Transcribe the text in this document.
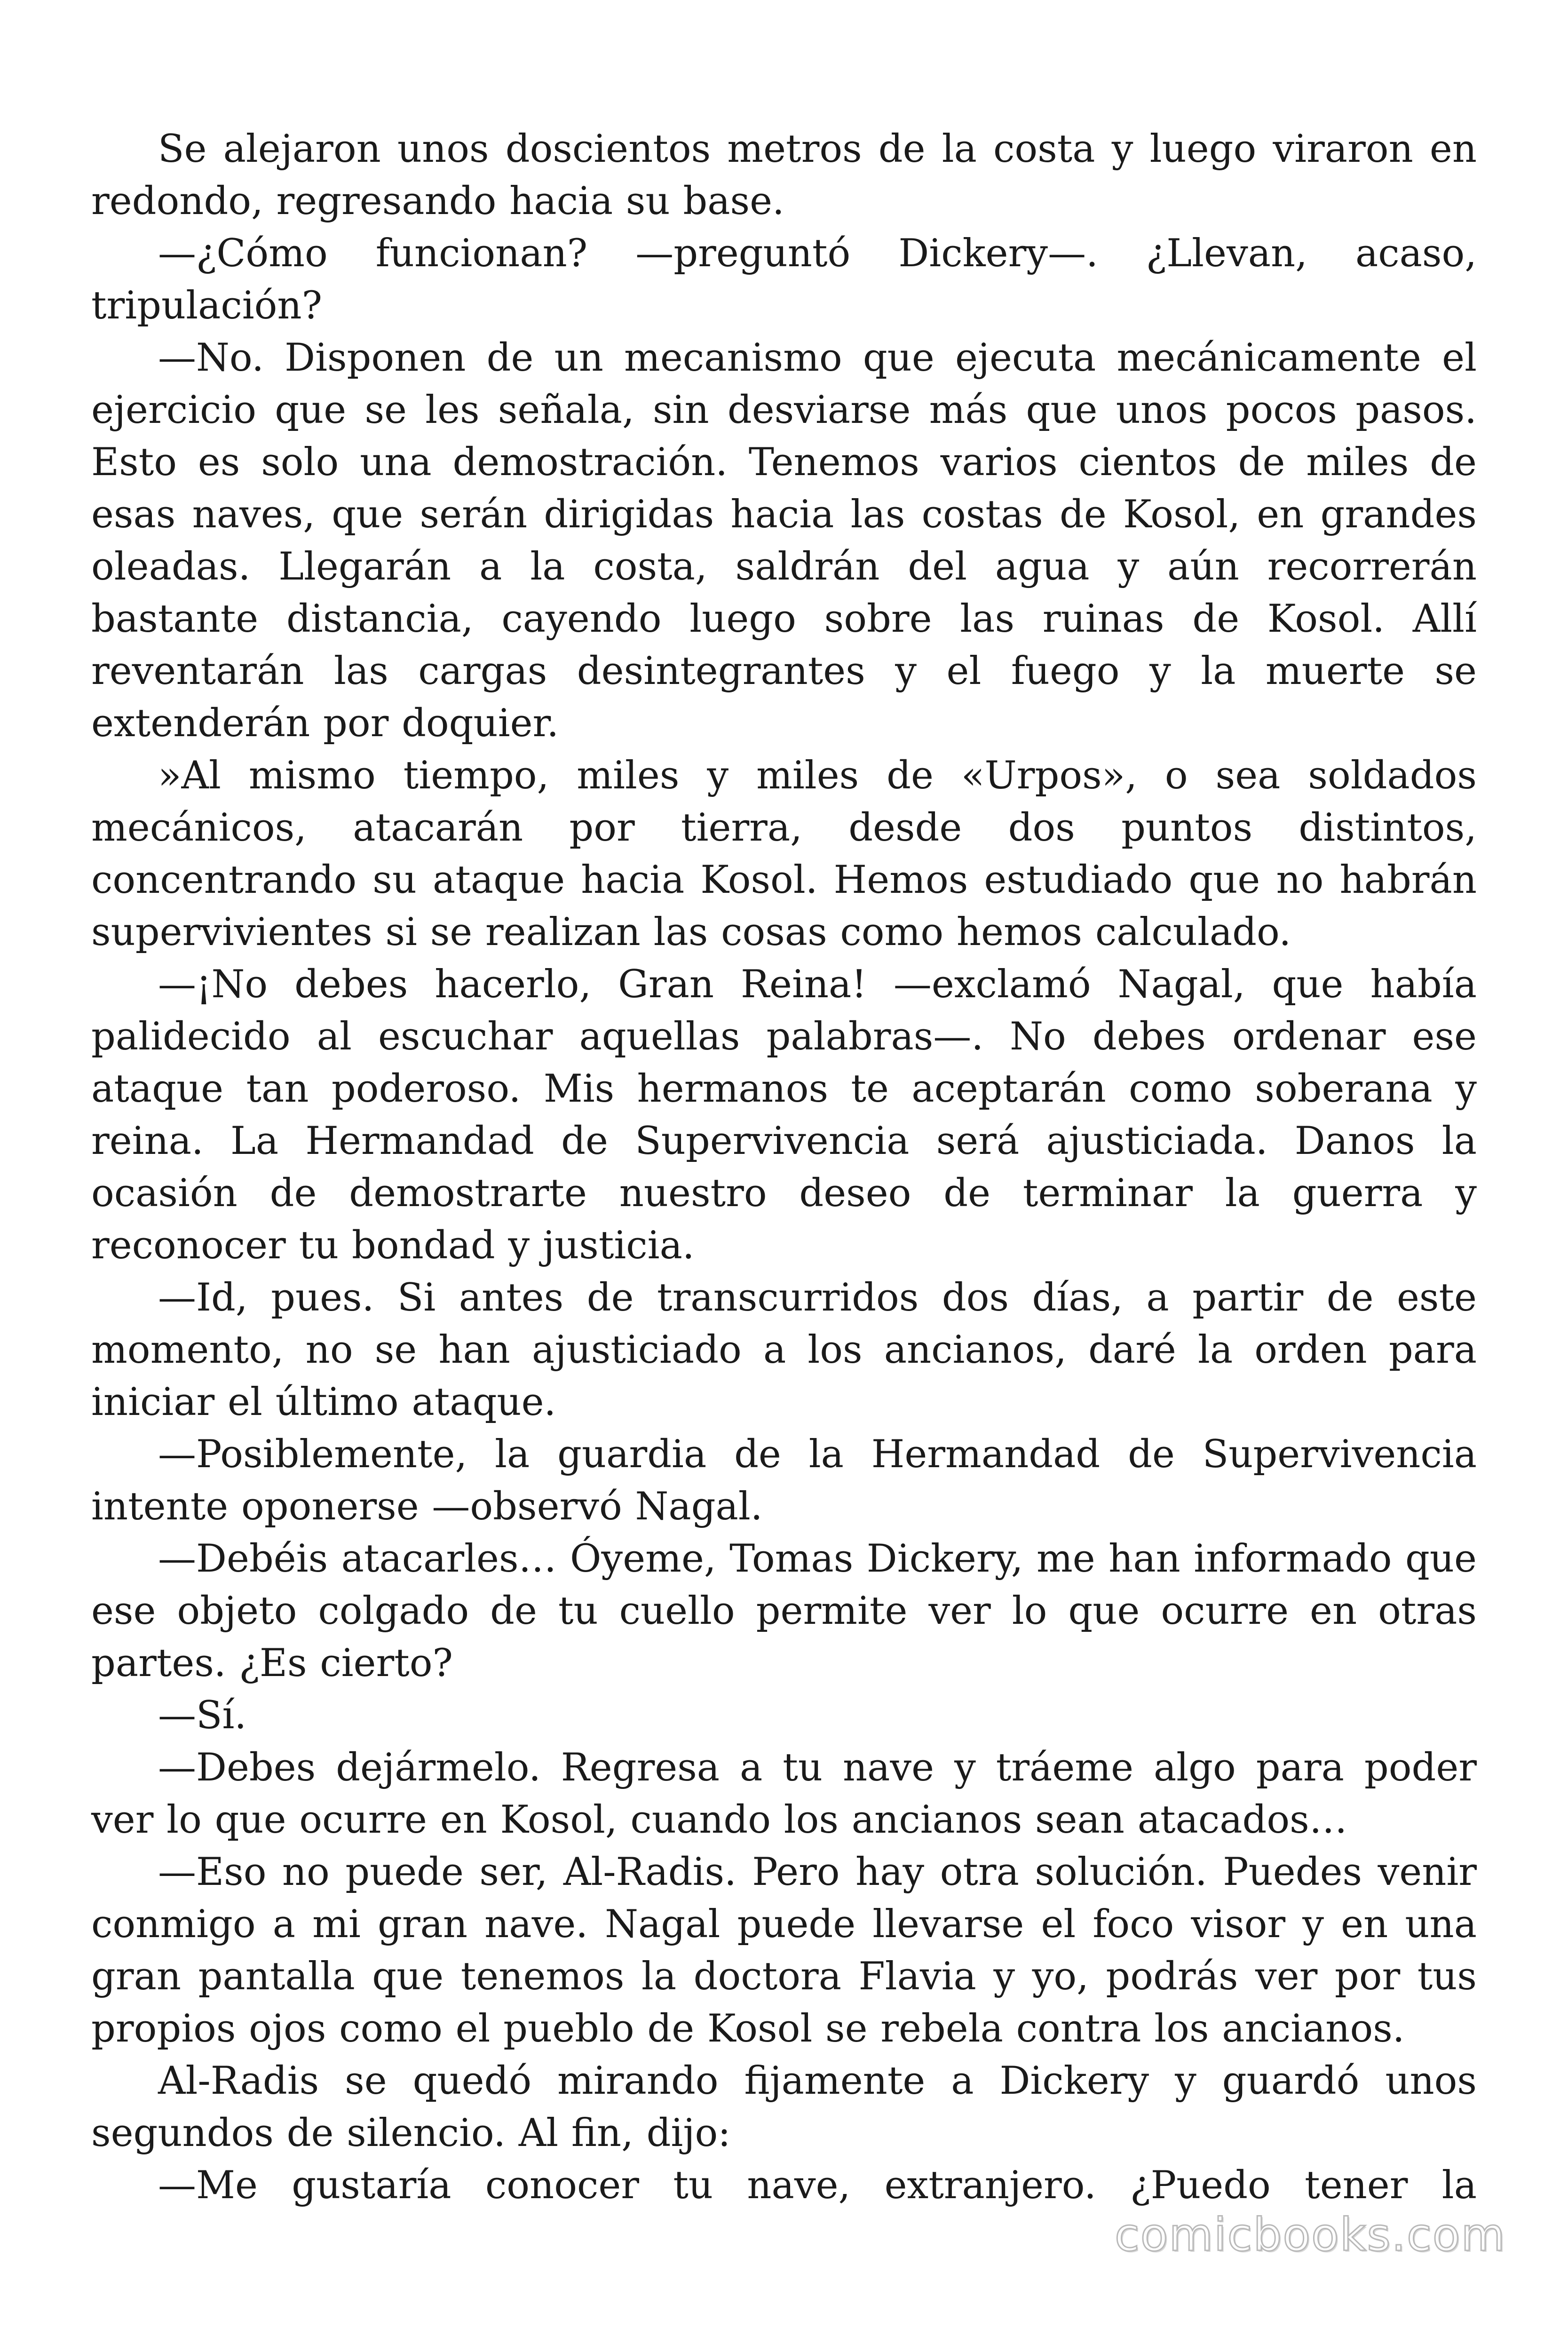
Se alejaron unos doscientos metros de la costa y luego viraron en redondo, regresando hacia su base.

—¿Cómo funcionan? —preguntó Dickery—. ¿Llevan, acaso, tripulación?

—No. Disponen de un mecanismo que ejecuta mecánicamente el ejercicio que se les señala, sin desviarse más que unos pocos pasos. Esto es solo una demostración. Tenemos varios cientos de miles de esas naves, que serán dirigidas hacia las costas de Kosol, en grandes oleadas. Llegarán a la costa, saldrán del agua y aún recorrerán bastante distancia, cayendo luego sobre las ruinas de Kosol. Allí reventarán las cargas desintegrantes y el fuego y la muerte se extenderán por doquier.

»Al mismo tiempo, miles y miles de «Urpos», o sea soldados mecánicos, atacarán por tierra, desde dos puntos distintos, concentrando su ataque hacia Kosol. Hemos estudiado que no habrán supervivientes si se realizan las cosas como hemos calculado.

—¡No debes hacerlo, Gran Reina! —exclamó Nagal, que había palidecido al escuchar aquellas palabras—. No debes ordenar ese ataque tan poderoso. Mis hermanos te aceptarán como soberana y reina. La Hermandad de Supervivencia será ajusticiada. Danos la ocasión de demostrarte nuestro deseo de terminar la guerra y reconocer tu bondad y justicia.

—Id, pues. Si antes de transcurridos dos días, a partir de este momento, no se han ajusticiado a los ancianos, daré la orden para iniciar el último ataque.

—Posiblemente, la guardia de la Hermandad de Supervivencia intente oponerse —observó Nagal.

—Debéis atacarles… Óyeme, Tomas Dickery, me han informado que ese objeto colgado de tu cuello permite ver lo que ocurre en otras partes. ¿Es cierto?

—Sí.

—Debes dejármelo. Regresa a tu nave y tráeme algo para poder ver lo que ocurre en Kosol, cuando los ancianos sean atacados…

—Eso no puede ser, Al-Radis. Pero hay otra solución. Puedes venir conmigo a mi gran nave. Nagal puede llevarse el foco visor y en una gran pantalla que tenemos la doctora Flavia y yo, podrás ver por tus propios ojos como el pueblo de Kosol se rebela contra los ancianos.

Al-Radis se quedó mirando fijamente a Dickery y guardó unos segundos de silencio. Al fin, dijo:

—Me gustaría conocer tu nave, extranjero. ¿Puedo tener la

comicbooks.com
